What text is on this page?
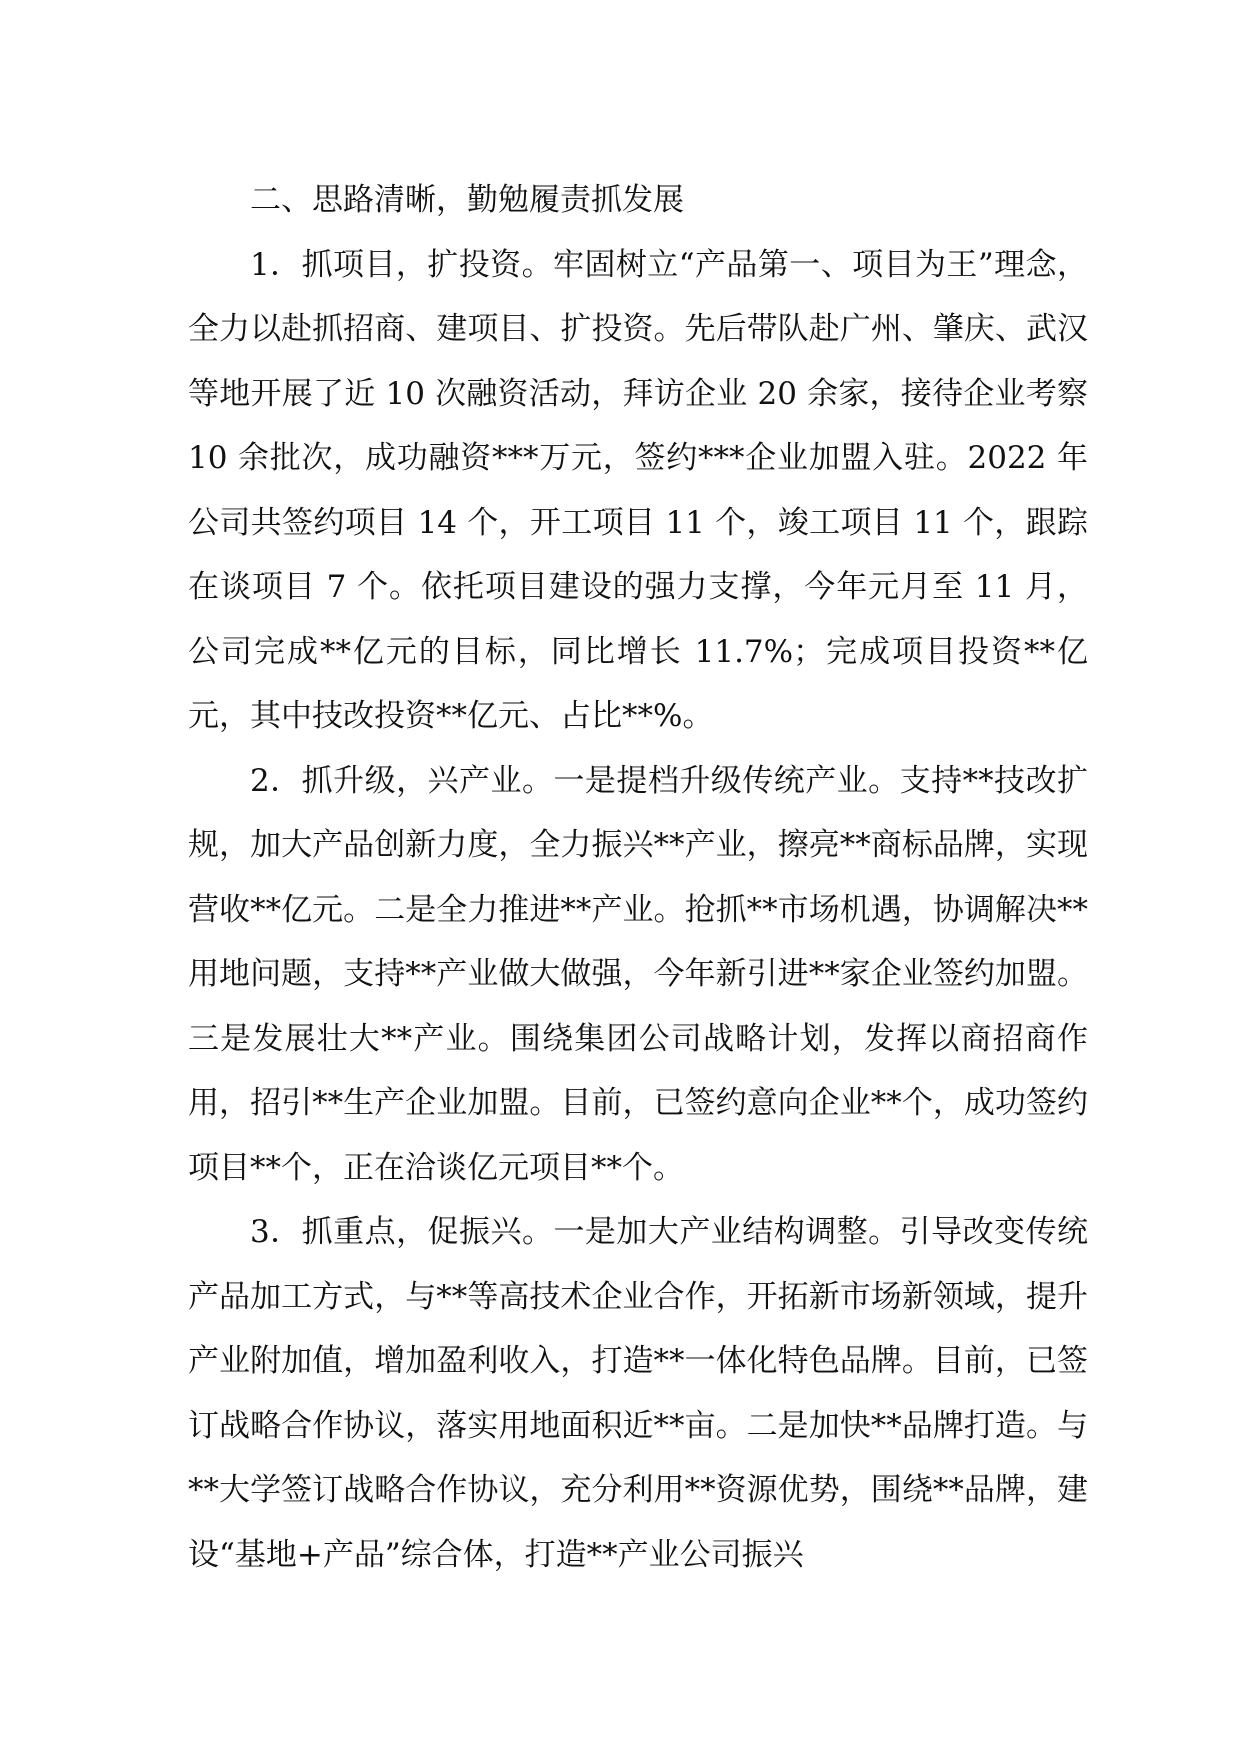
二、思路清晰，勤勉履责抓发展

1．抓项目，扩投资。牢固树立“产品第一、项目为王”理念，全力以赴抓招商、建项目、扩投资。先后带队赴广州、肇庆、武汉等地开展了近 10 次融资活动，拜访企业 20 余家，接待企业考察 10 余批次，成功融资***万元，签约***企业加盟入驻。2022 年公司共签约项目 14 个，开工项目 11 个，竣工项目 11 个，跟踪在谈项目 7 个。依托项目建设的强力支撑，今年元月至 11 月，公司完成**亿元的目标，同比增长 11.7%；完成项目投资**亿元，其中技改投资**亿元、占比**%。

2．抓升级，兴产业。一是提档升级传统产业。支持**技改扩规，加大产品创新力度，全力振兴**产业，擦亮**商标品牌，实现营收**亿元。二是全力推进**产业。抢抓**市场机遇，协调解决**用地问题，支持**产业做大做强，今年新引进**家企业签约加盟。三是发展壮大**产业。围绕集团公司战略计划，发挥以商招商作用，招引**生产企业加盟。目前，已签约意向企业**个，成功签约项目**个，正在洽谈亿元项目**个。

3．抓重点，促振兴。一是加大产业结构调整。引导改变传统产品加工方式，与**等高技术企业合作，开拓新市场新领域，提升产业附加值，增加盈利收入，打造**一体化特色品牌。目前，已签订战略合作协议，落实用地面积近**亩。二是加快**品牌打造。与**大学签订战略合作协议，充分利用**资源优势，围绕**品牌，建设“基地+产品”综合体，打造**产业公司振兴
